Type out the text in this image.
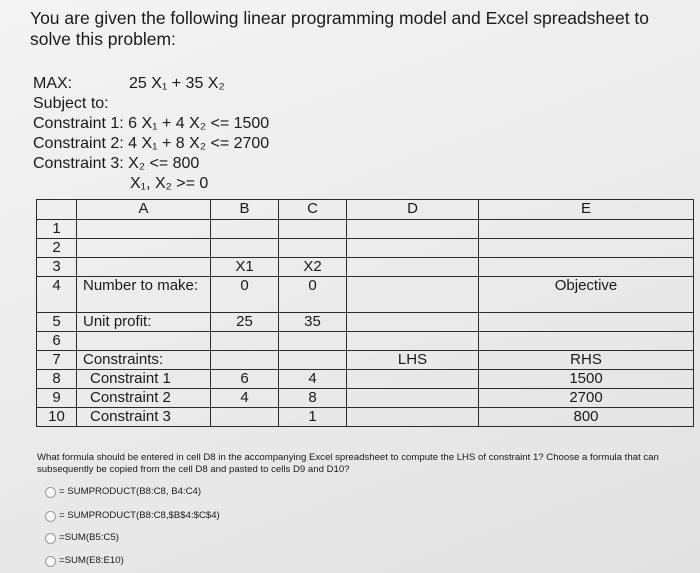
You are given the following linear programming model and Excel spreadsheet to solve this problem:
MAX:	25 X₁ + 35 X₂
Subject to:
Constraint 1: 6 X₁ + 4 X₂ <= 1500
Constraint 2: 4 X₁ + 8 X₂ <= 2700
Constraint 3: X₂ <= 800
X₁, X₂ >= 0
	A	B	C	D	E
1					
2					
3		X1	X2		
4	Number to make:	0	0		Objective
5	Unit profit:	25	35		
6					
7	Constraints:			LHS	RHS
8	Constraint 1	6	4		1500
9	Constraint 2	4	8		2700
10	Constraint 3		1		800

What formula should be entered in cell D8 in the accompanying Excel spreadsheet to compute the LHS of constraint 1? Choose a formula that can subsequently be copied from the cell D8 and pasted to cells D9 and D10?

= SUMPRODUCT(B8:C8, B4:C4)
= SUMPRODUCT(B8:C8,$B$4:$C$4)
=SUM(B5:C5)
=SUM(E8:E10)
